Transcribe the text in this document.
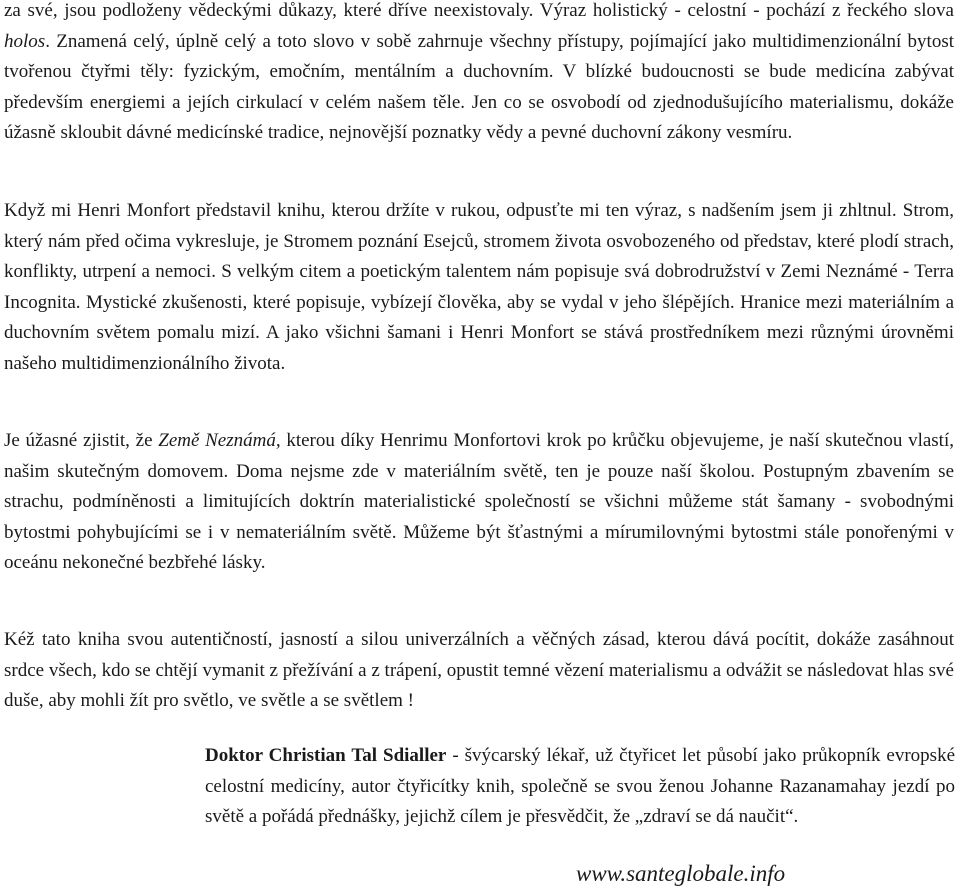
za své, jsou podloženy vědeckými důkazy, které dříve neexistovaly. Výraz holistický - celostní - pochází z řeckého slova holos. Znamená celý, úplně celý a toto slovo v sobě zahrnuje všechny přístupy, pojímající jako multidimenzionální bytost tvořenou čtyřmi těly: fyzickým, emočním, mentálním a duchovním. V blízké budoucnosti se bude medicína zabývat především energiemi a jejích cirkulací v celém našem těle. Jen co se osvobodí od zjednodušujícího materialismu, dokáže úžasně skloubit dávné medicínské tradice, nejnovější poznatky vědy a pevné duchovní zákony vesmíru.

Když mi Henri Monfort představil knihu, kterou držíte v rukou, odpusťte mi ten výraz, s nadšením jsem ji zhltnul. Strom, který nám před očima vykresluje, je Stromem poznání Esejců, stromem života osvobozeného od představ, které plodí strach, konflikty, utrpení a nemoci. S velkým citem a poetickým talentem nám popisuje svá dobrodružství v Zemi Neznámé - Terra Incognita. Mystické zkušenosti, které popisuje, vybízejí člověka, aby se vydal v jeho šlépějích. Hranice mezi materiálním a duchovním světem pomalu mizí. A jako všichni šamani i Henri Monfort se stává prostředníkem mezi různými úrovněmi našeho multidimenzionálního života.

Je úžasné zjistit, že Země Neznámá, kterou díky Henrimu Monfortovi krok po krůčku objevujeme, je naší skutečnou vlastí, našim skutečným domovem. Doma nejsme zde v materiálním světě, ten je pouze naší školou. Postupným zbavením se strachu, podmíněnosti a limitujících doktrín materialistické společností se všichni můžeme stát šamany - svobodnými bytostmi pohybujícími se i v nemateriálním světě. Můžeme být šťastnými a mírumilovnými bytostmi stále ponořenými v oceánu nekonečné bezbřehé lásky.

Kéž tato kniha svou autentičností, jasností a silou univerzálních a věčných zásad, kterou dává pocítit, dokáže zasáhnout srdce všech, kdo se chtějí vymanit z přežívání a z trápení, opustit temné vězení materialismu a odvážit se následovat hlas své duše, aby mohli žít pro světlo, ve světle a se světlem !

Doktor Christian Tal Sdialler - švýcarský lékař, už čtyřicet let působí jako průkopník evropské celostní medicíny, autor čtyřicítky knih, společně se svou ženou Johanne Razanamahay jezdí po světě a pořádá přednášky, jejichž cílem je přesvědčit, že „zdraví se dá naučit“.

www.santeglobale.info
